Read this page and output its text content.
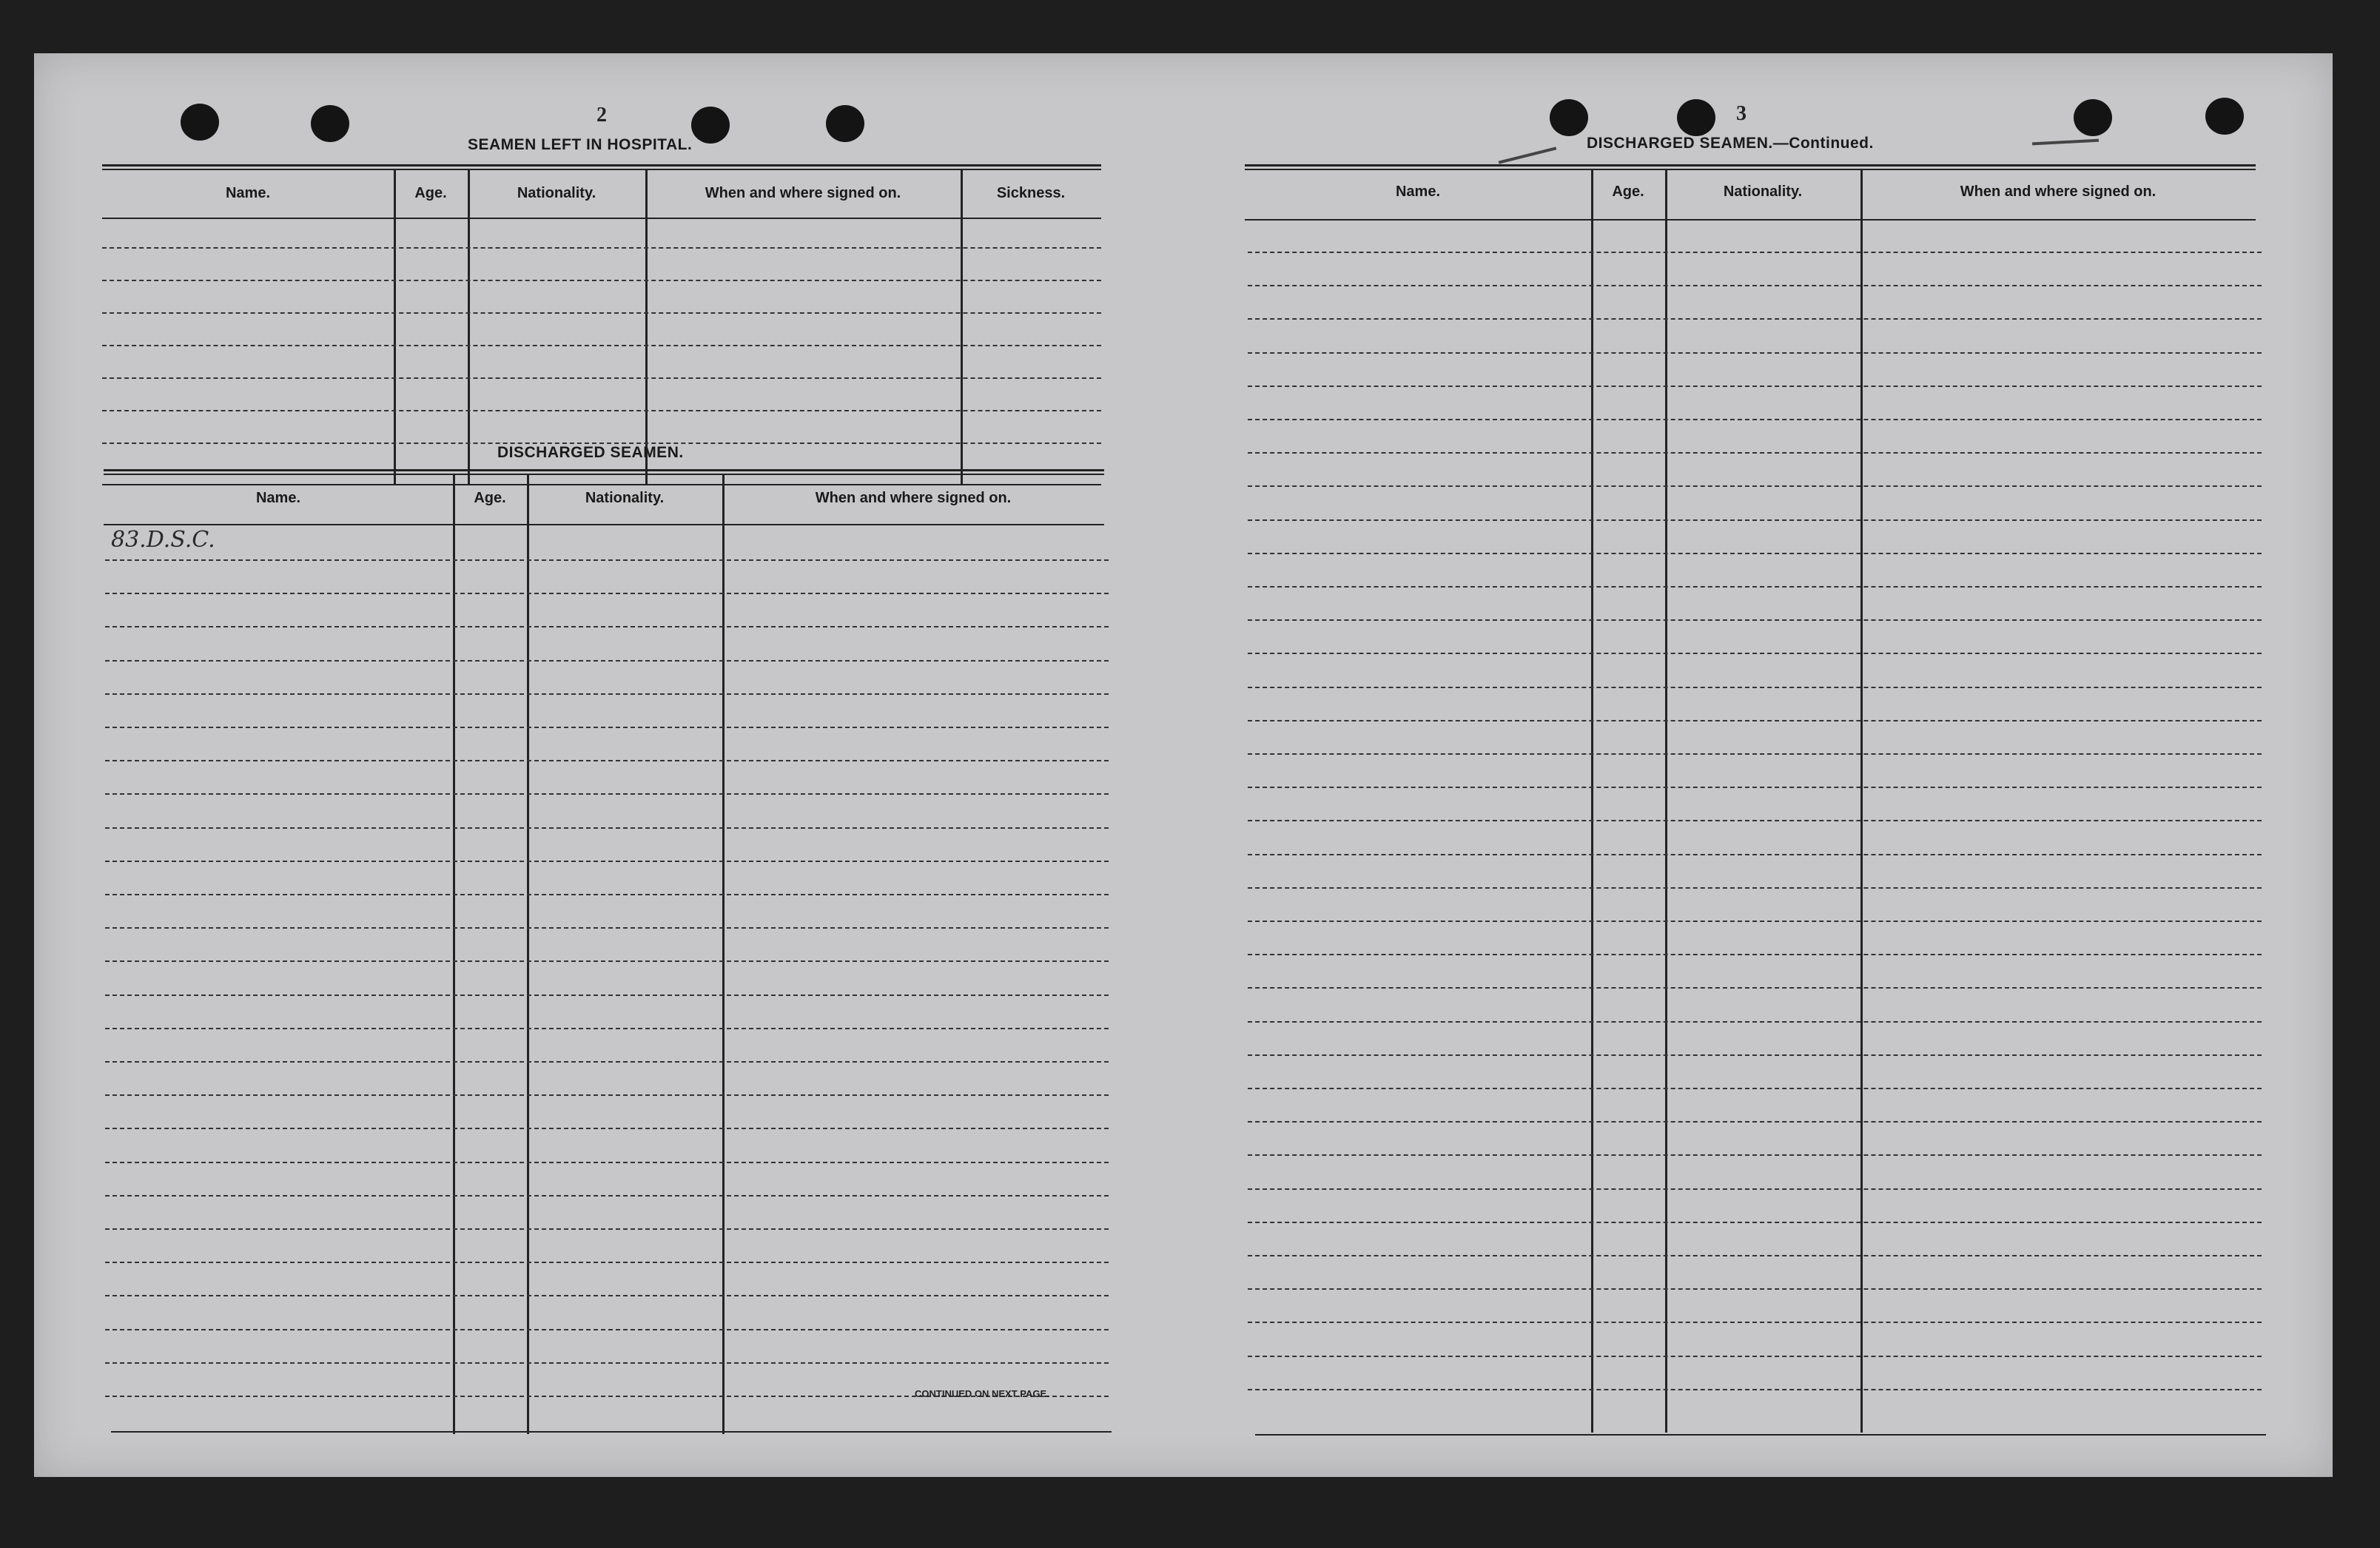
2
SEAMEN LEFT IN HOSPITAL.
Name.	Age.	Nationality.	When and where signed on.	Sickness.
DISCHARGED SEAMEN.
Name.	Age.	Nationality.	When and where signed on.
83.D.S.C.
CONTINUED ON NEXT PAGE.
3
DISCHARGED SEAMEN.—Continued.
Name.	Age.	Nationality.	When and where signed on.
